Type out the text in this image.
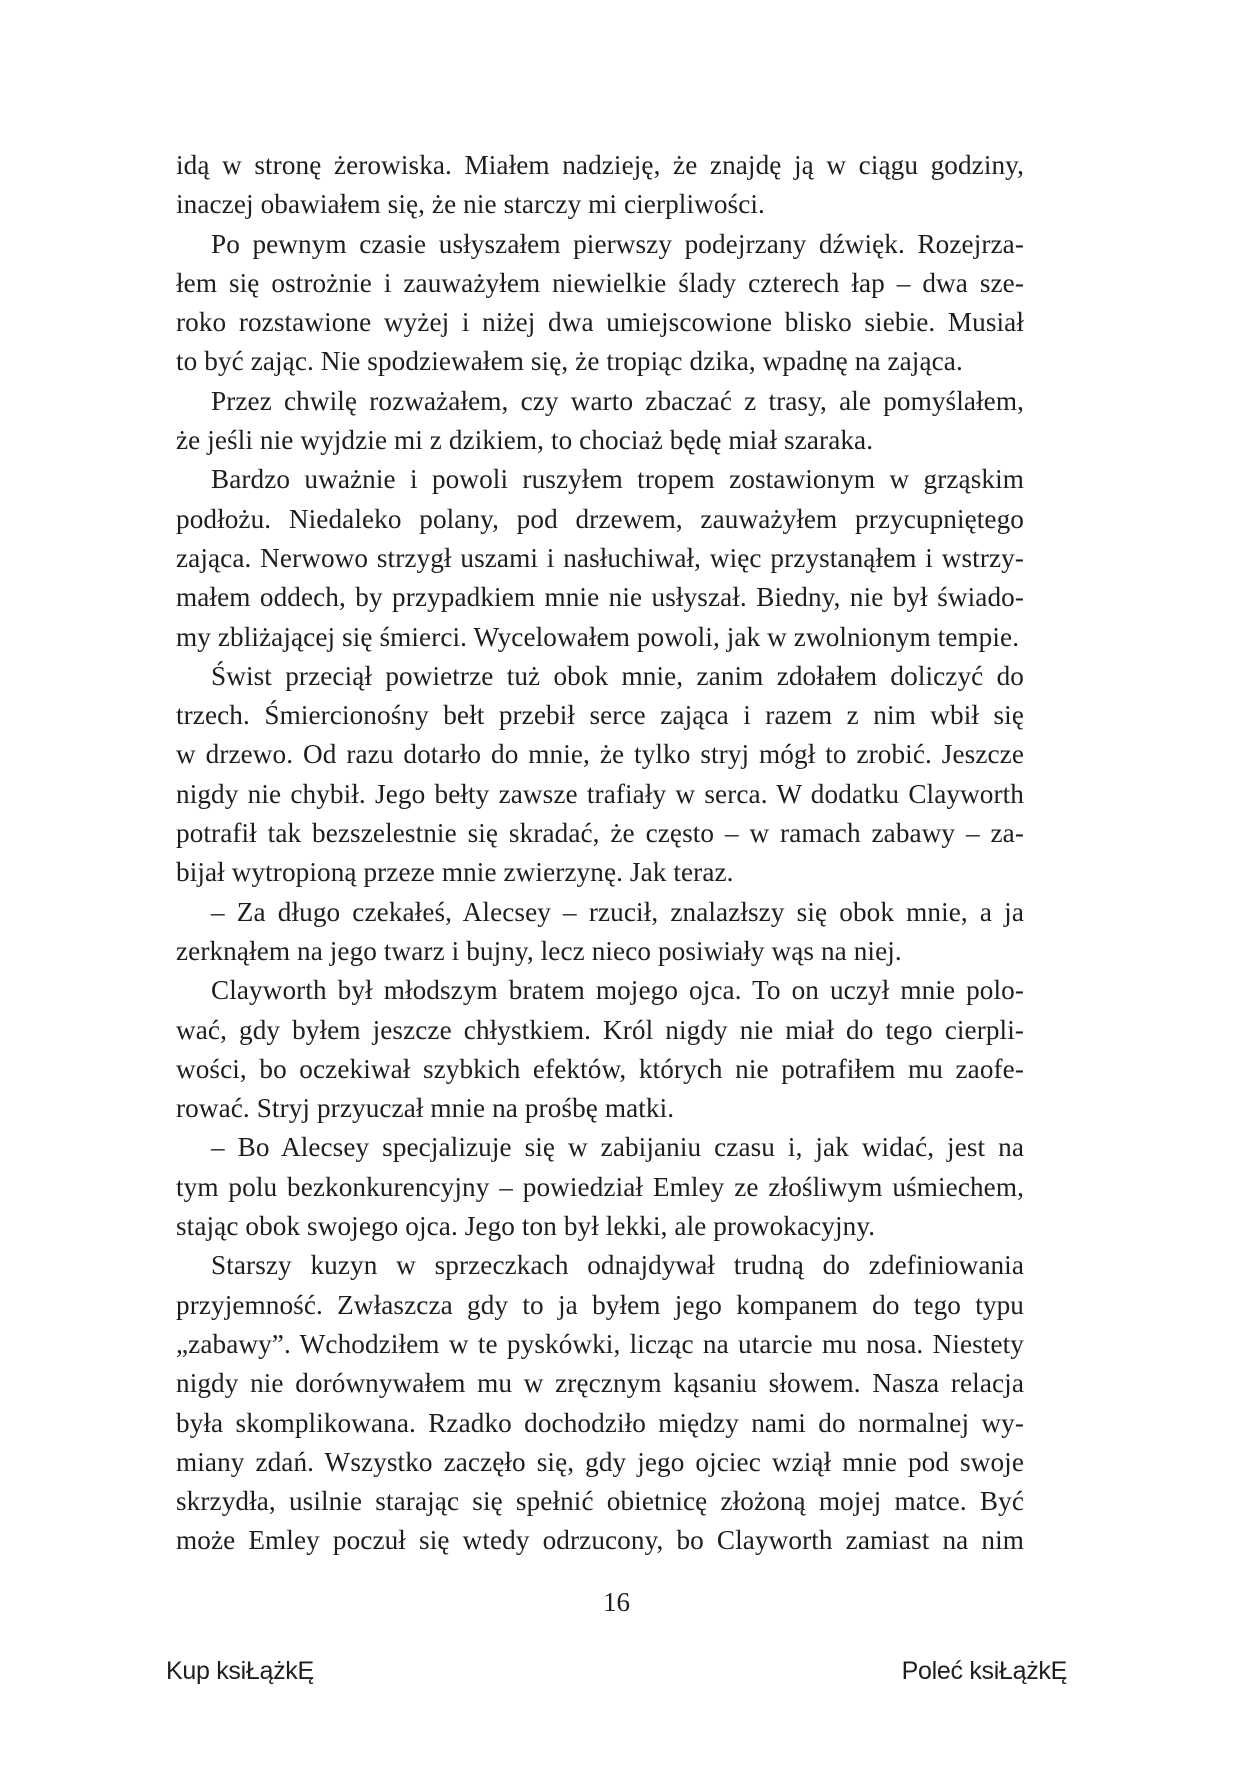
idą w stronę żerowiska. Miałem nadzieję, że znajdę ją w ciągu godziny,
inaczej obawiałem się, że nie starczy mi cierpliwości.
Po pewnym czasie usłyszałem pierwszy podejrzany dźwięk. Rozejrza-
łem się ostrożnie i zauważyłem niewielkie ślady czterech łap – dwa sze-
roko rozstawione wyżej i niżej dwa umiejscowione blisko siebie. Musiał
to być zając. Nie spodziewałem się, że tropiąc dzika, wpadnę na zająca.
Przez chwilę rozważałem, czy warto zbaczać z trasy, ale pomyślałem,
że jeśli nie wyjdzie mi z dzikiem, to chociaż będę miał szaraka.
Bardzo uważnie i powoli ruszyłem tropem zostawionym w grząskim
podłożu. Niedaleko polany, pod drzewem, zauważyłem przycupniętego
zająca. Nerwowo strzygł uszami i nasłuchiwał, więc przystanąłem i wstrzy-
małem oddech, by przypadkiem mnie nie usłyszał. Biedny, nie był świado-
my zbliżającej się śmierci. Wycelowałem powoli, jak w zwolnionym tempie.
Świst przeciął powietrze tuż obok mnie, zanim zdołałem doliczyć do
trzech. Śmiercionośny bełt przebił serce zająca i razem z nim wbił się
w drzewo. Od razu dotarło do mnie, że tylko stryj mógł to zrobić. Jeszcze
nigdy nie chybił. Jego bełty zawsze trafiały w serca. W dodatku Clayworth
potrafił tak bezszelestnie się skradać, że często – w ramach zabawy – za-
bijał wytropioną przeze mnie zwierzynę. Jak teraz.
– Za długo czekałeś, Alecsey – rzucił, znalazłszy się obok mnie, a ja
zerknąłem na jego twarz i bujny, lecz nieco posiwiały wąs na niej.
Clayworth był młodszym bratem mojego ojca. To on uczył mnie polo-
wać, gdy byłem jeszcze chłystkiem. Król nigdy nie miał do tego cierpli-
wości, bo oczekiwał szybkich efektów, których nie potrafiłem mu zaofe-
rować. Stryj przyuczał mnie na prośbę matki.
– Bo Alecsey specjalizuje się w zabijaniu czasu i, jak widać, jest na
tym polu bezkonkurencyjny – powiedział Emley ze złośliwym uśmiechem,
stając obok swojego ojca. Jego ton był lekki, ale prowokacyjny.
Starszy kuzyn w sprzeczkach odnajdywał trudną do zdefiniowania
przyjemność. Zwłaszcza gdy to ja byłem jego kompanem do tego typu
„zabawy”. Wchodziłem w te pyskówki, licząc na utarcie mu nosa. Niestety
nigdy nie dorównywałem mu w zręcznym kąsaniu słowem. Nasza relacja
była skomplikowana. Rzadko dochodziło między nami do normalnej wy-
miany zdań. Wszystko zaczęło się, gdy jego ojciec wziął mnie pod swoje
skrzydła, usilnie starając się spełnić obietnicę złożoną mojej matce. Być
może Emley poczuł się wtedy odrzucony, bo Clayworth zamiast na nim
16
Kup ksiŁążkĘ	Poleć ksiŁążkĘ
